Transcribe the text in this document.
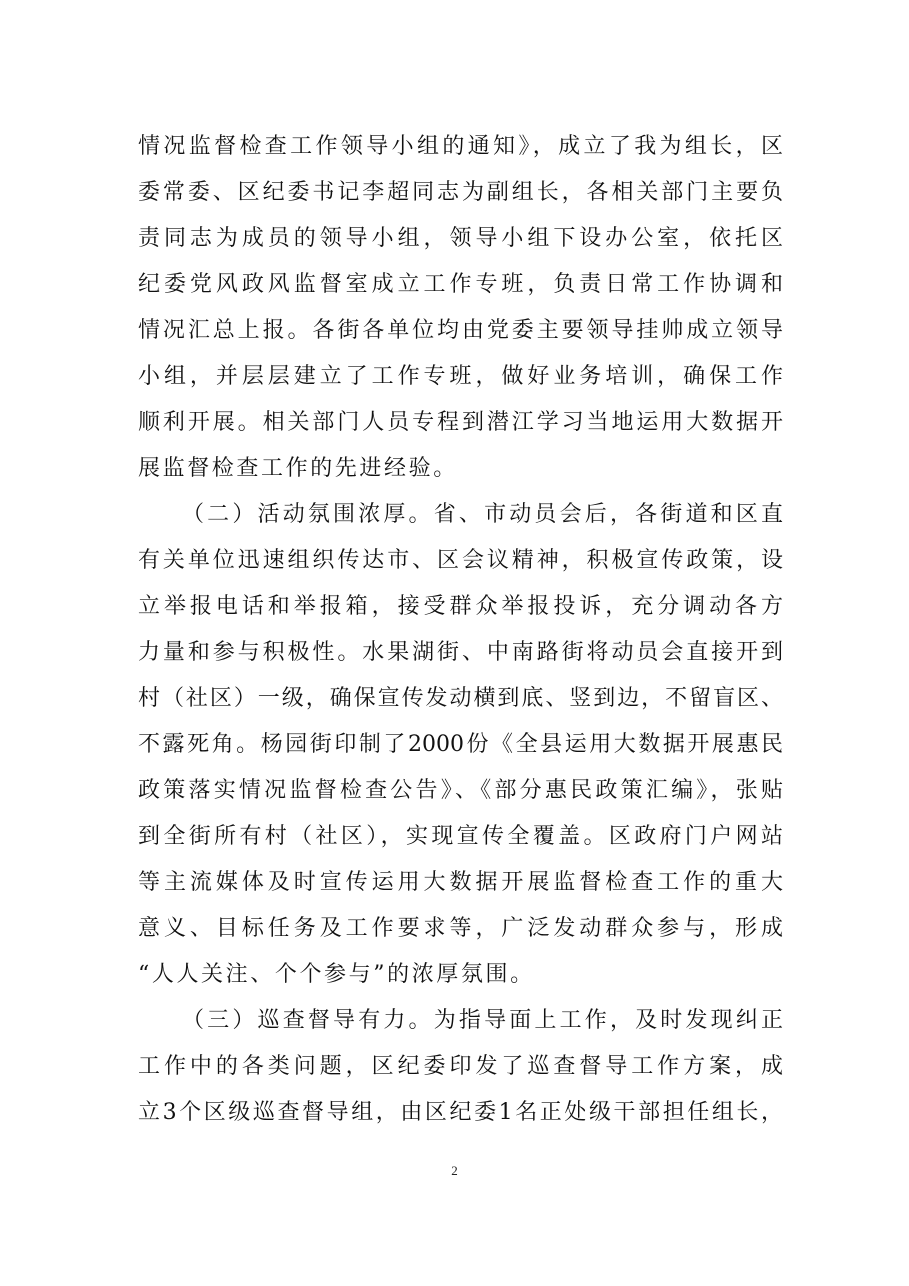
情况监督检查工作领导小组的通知》，成立了我为组长，区
委常委、区纪委书记李超同志为副组长，各相关部门主要负
责同志为成员的领导小组，领导小组下设办公室，依托区
纪委党风政风监督室成立工作专班，负责日常工作协调和
情况汇总上报。各街各单位均由党委主要领导挂帅成立领导
小组，并层层建立了工作专班，做好业务培训，确保工作
顺利开展。相关部门人员专程到潜江学习当地运用大数据开
展监督检查工作的先进经验。
（二）活动氛围浓厚。省、市动员会后，各街道和区直
有关单位迅速组织传达市、区会议精神，积极宣传政策，设
立举报电话和举报箱，接受群众举报投诉，充分调动各方
力量和参与积极性。水果湖街、中南路街将动员会直接开到
村（社区）一级，确保宣传发动横到底、竖到边，不留盲区、
不露死角。杨园街印制了2000份《全县运用大数据开展惠民
政策落实情况监督检查公告》、《部分惠民政策汇编》，张贴
到全街所有村（社区），实现宣传全覆盖。区政府门户网站
等主流媒体及时宣传运用大数据开展监督检查工作的重大
意义、目标任务及工作要求等，广泛发动群众参与，形成
“人人关注、个个参与”的浓厚氛围。
（三）巡查督导有力。为指导面上工作，及时发现纠正
工作中的各类问题，区纪委印发了巡查督导工作方案，成
立3个区级巡查督导组，由区纪委1名正处级干部担任组长，
2
